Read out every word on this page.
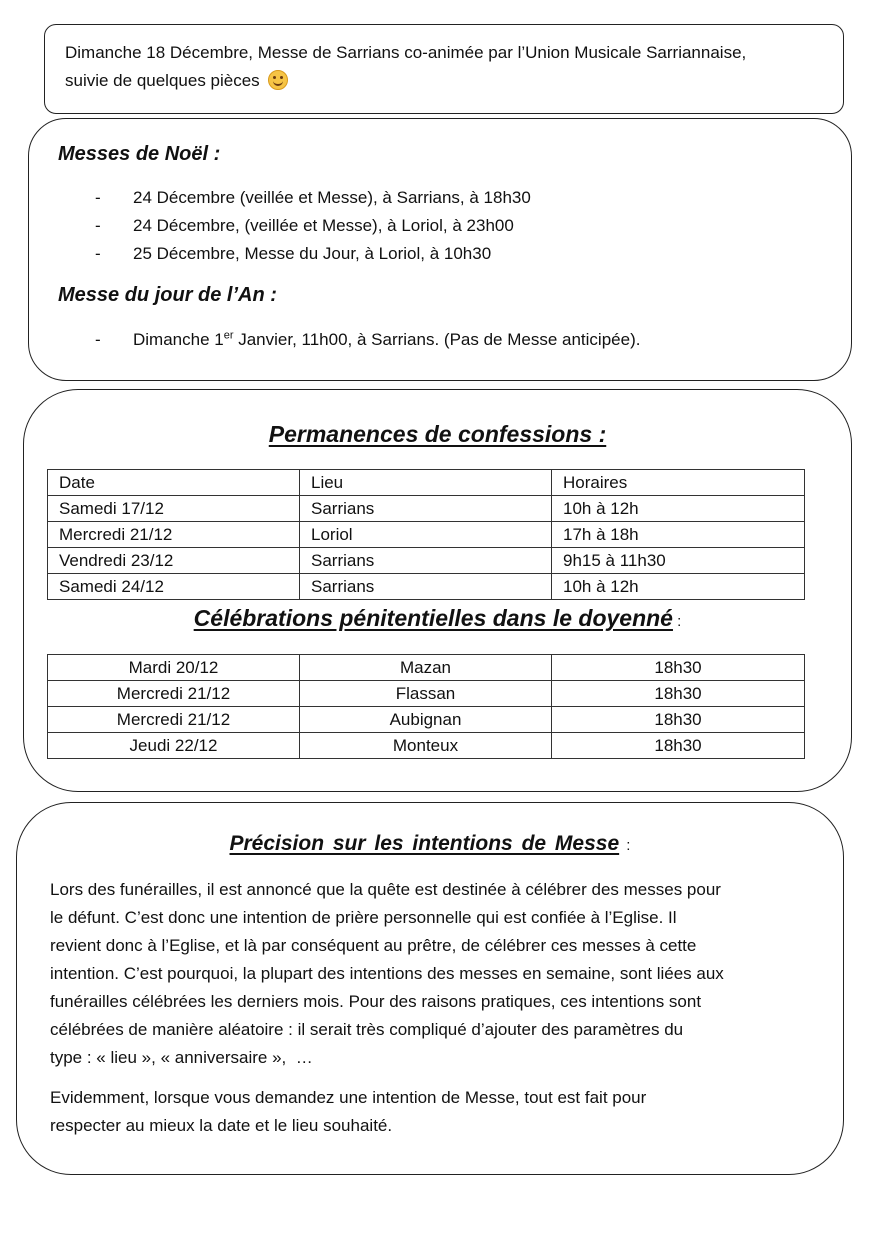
Dimanche 18 Décembre, Messe de Sarrians co-animée par l’Union Musicale Sarriannaise,
suivie de quelques pièces
Messes de Noël :
- 24 Décembre (veillée et Messe), à Sarrians, à 18h30
- 24 Décembre, (veillée et Messe), à Loriol, à 23h00
- 25 Décembre, Messe du Jour, à Loriol, à 10h30
Messe du jour de l’An :
- Dimanche 1er Janvier, 11h00, à Sarrians. (Pas de Messe anticipée).
Permanences de confessions :
Date	Lieu	Horaires
Samedi 17/12	Sarrians	10h à 12h
Mercredi 21/12	Loriol	17h à 18h
Vendredi 23/12	Sarrians	9h15 à 11h30
Samedi 24/12	Sarrians	10h à 12h
Célébrations pénitentielles dans le doyenné :
Mardi 20/12	Mazan	18h30
Mercredi 21/12	Flassan	18h30
Mercredi 21/12	Aubignan	18h30
Jeudi 22/12	Monteux	18h30
Précision sur les intentions de Messe :
Lors des funérailles, il est annoncé que la quête est destinée à célébrer des messes pour
le défunt. C’est donc une intention de prière personnelle qui est confiée à l’Eglise. Il
revient donc à l’Eglise, et là par conséquent au prêtre, de célébrer ces messes à cette
intention. C’est pourquoi, la plupart des intentions des messes en semaine, sont liées aux
funérailles célébrées les derniers mois. Pour des raisons pratiques, ces intentions sont
célébrées de manière aléatoire : il serait très compliqué d’ajouter des paramètres du
type : « lieu », « anniversaire »,  …
Evidemment, lorsque vous demandez une intention de Messe, tout est fait pour
respecter au mieux la date et le lieu souhaité.
